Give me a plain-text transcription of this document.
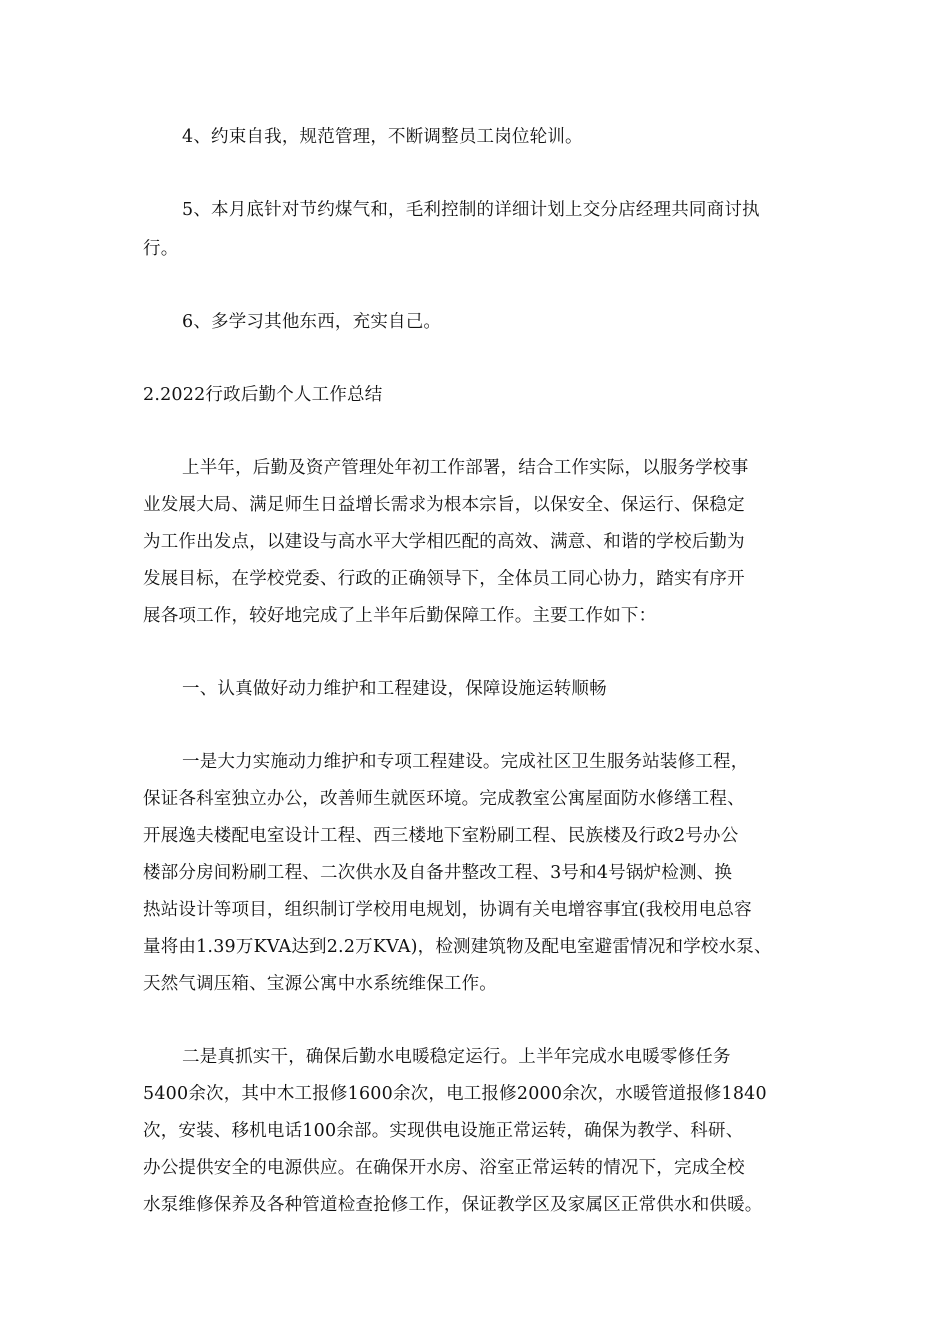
4、约束自我，规范管理，不断调整员工岗位轮训。
5、本月底针对节约煤气和，毛利控制的详细计划上交分店经理共同商讨执
行。
6、多学习其他东西，充实自己。
2.2022行政后勤个人工作总结
上半年，后勤及资产管理处年初工作部署，结合工作实际，以服务学校事
业发展大局、满足师生日益增长需求为根本宗旨，以保安全、保运行、保稳定
为工作出发点，以建设与高水平大学相匹配的高效、满意、和谐的学校后勤为
发展目标，在学校党委、行政的正确领导下，全体员工同心协力，踏实有序开
展各项工作，较好地完成了上半年后勤保障工作。主要工作如下：
一、认真做好动力维护和工程建设，保障设施运转顺畅
一是大力实施动力维护和专项工程建设。完成社区卫生服务站装修工程，
保证各科室独立办公，改善师生就医环境。完成教室公寓屋面防水修缮工程、
开展逸夫楼配电室设计工程、西三楼地下室粉刷工程、民族楼及行政2号办公
楼部分房间粉刷工程、二次供水及自备井整改工程、3号和4号锅炉检测、换
热站设计等项目，组织制订学校用电规划，协调有关电增容事宜(我校用电总容
量将由1.39万KVA达到2.2万KVA)，检测建筑物及配电室避雷情况和学校水泵、
天然气调压箱、宝源公寓中水系统维保工作。
二是真抓实干，确保后勤水电暖稳定运行。上半年完成水电暖零修任务
5400余次，其中木工报修1600余次，电工报修2000余次，水暖管道报修1840
次，安装、移机电话100余部。实现供电设施正常运转，确保为教学、科研、
办公提供安全的电源供应。在确保开水房、浴室正常运转的情况下，完成全校
水泵维修保养及各种管道检查抢修工作，保证教学区及家属区正常供水和供暖。
